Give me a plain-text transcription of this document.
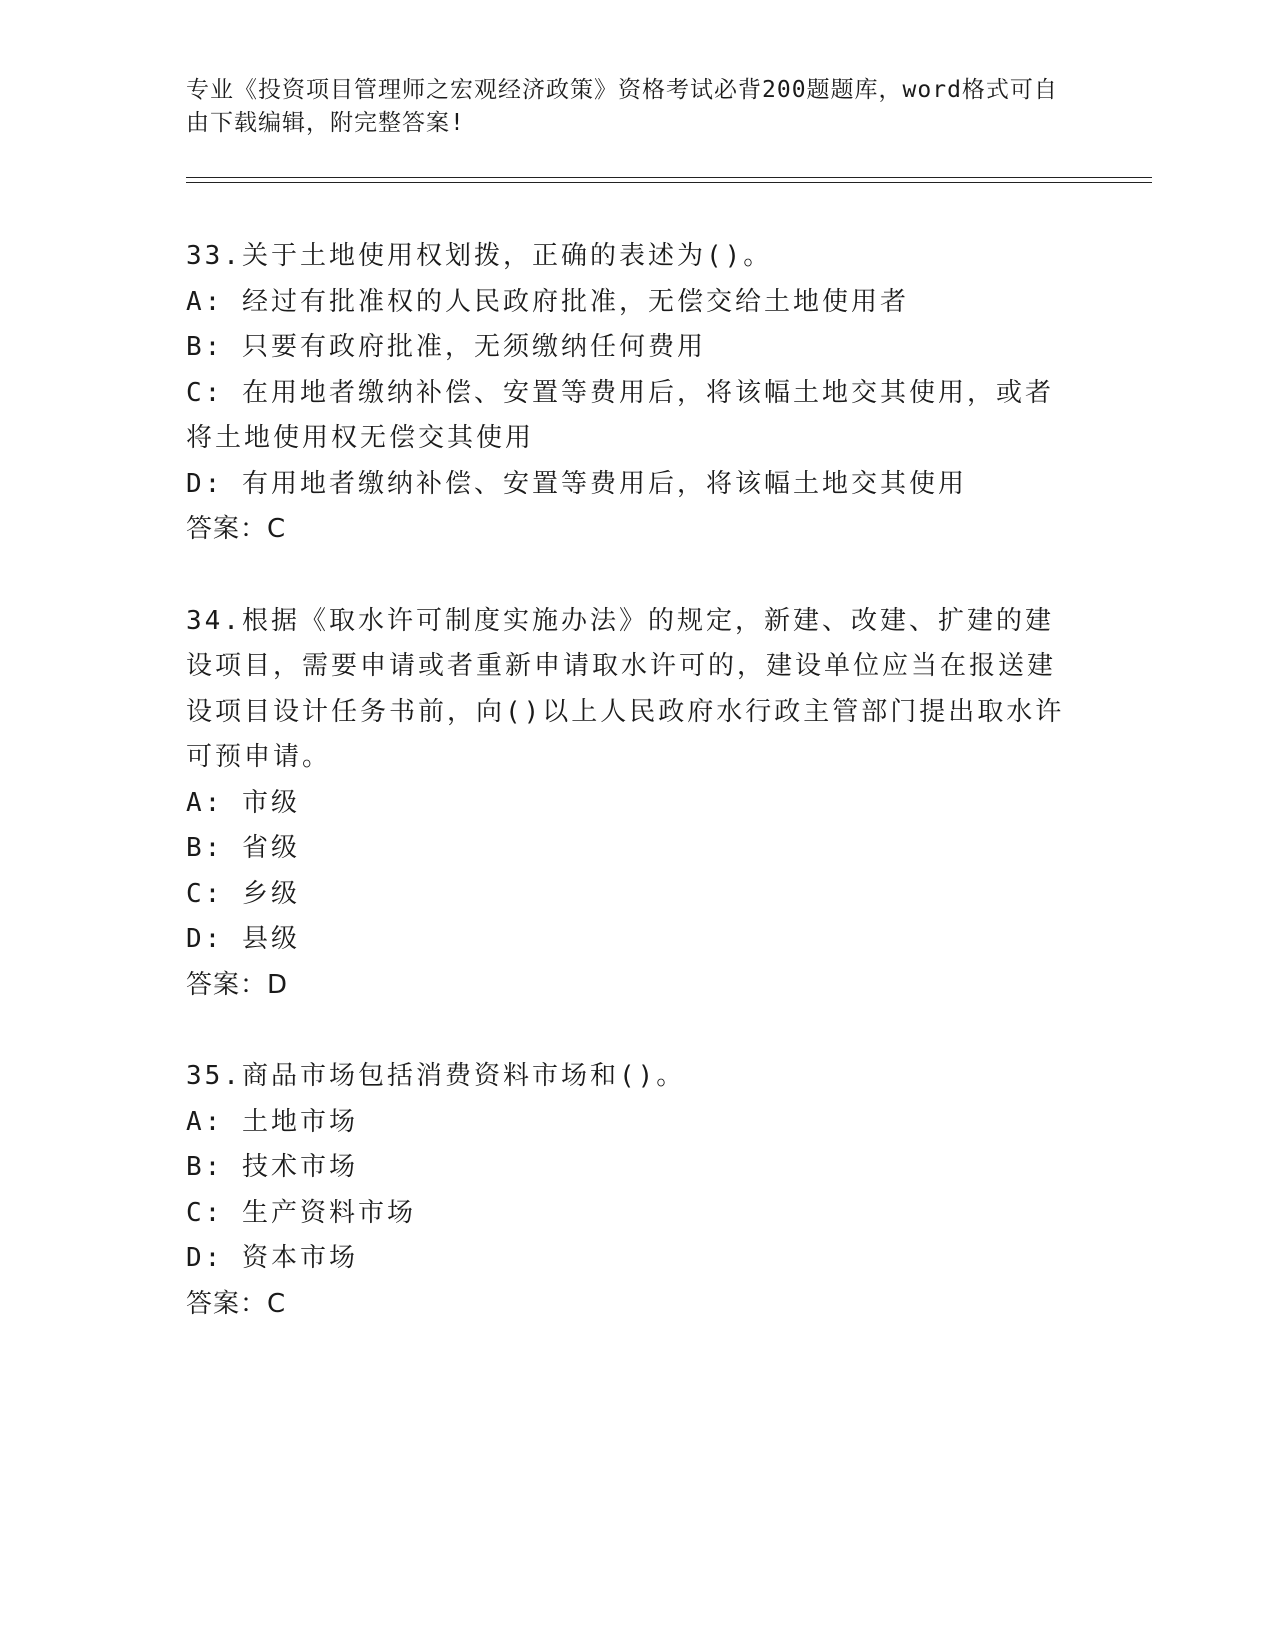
专业《投资项目管理师之宏观经济政策》资格考试必背200题题库，word格式可自由下载编辑，附完整答案!
33.关于土地使用权划拨，正确的表述为()。
A: 经过有批准权的人民政府批准，无偿交给土地使用者
B: 只要有政府批准，无须缴纳任何费用
C: 在用地者缴纳补偿、安置等费用后，将该幅土地交其使用，或者将土地使用权无偿交其使用
D: 有用地者缴纳补偿、安置等费用后，将该幅土地交其使用
答案：C
34.根据《取水许可制度实施办法》的规定，新建、改建、扩建的建设项目，需要申请或者重新申请取水许可的，建设单位应当在报送建设项目设计任务书前，向()以上人民政府水行政主管部门提出取水许可预申请。
A: 市级
B: 省级
C: 乡级
D: 县级
答案：D
35.商品市场包括消费资料市场和()。
A: 土地市场
B: 技术市场
C: 生产资料市场
D: 资本市场
答案：C
